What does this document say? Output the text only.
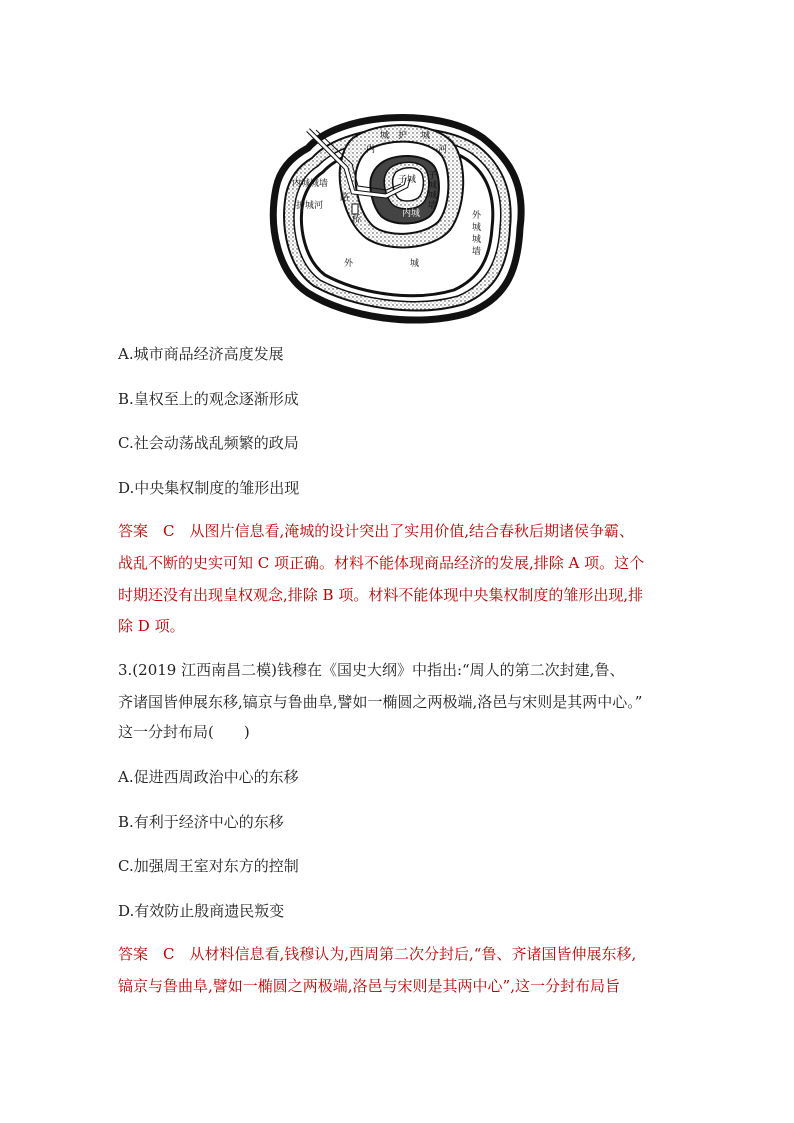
城 护 城
内	河
内城城墙
路
护城河
桥
子城 子
城
城
墙
内城	外
城
城
墙
外	城
A.城市商品经济高度发展
B.皇权至上的观念逐渐形成
C.社会动荡战乱频繁的政局
D.中央集权制度的雏形出现
答案　C　从图片信息看,淹城的设计突出了实用价值,结合春秋后期诸侯争霸、
战乱不断的史实可知 C 项正确。材料不能体现商品经济的发展,排除 A 项。这个
时期还没有出现皇权观念,排除 B 项。材料不能体现中央集权制度的雏形出现,排
除 D 项。
3.(2019 江西南昌二模)钱穆在《国史大纲》中指出:“周人的第二次封建,鲁、
齐诸国皆伸展东移,镐京与鲁曲阜,譬如一椭圆之两极端,洛邑与宋则是其两中心。”
这一分封布局(　　)
A.促进西周政治中心的东移
B.有利于经济中心的东移
C.加强周王室对东方的控制
D.有效防止殷商遗民叛变
答案　C　从材料信息看,钱穆认为,西周第二次分封后,“鲁、齐诸国皆伸展东移,
镐京与鲁曲阜,譬如一椭圆之两极端,洛邑与宋则是其两中心”,这一分封布局旨
